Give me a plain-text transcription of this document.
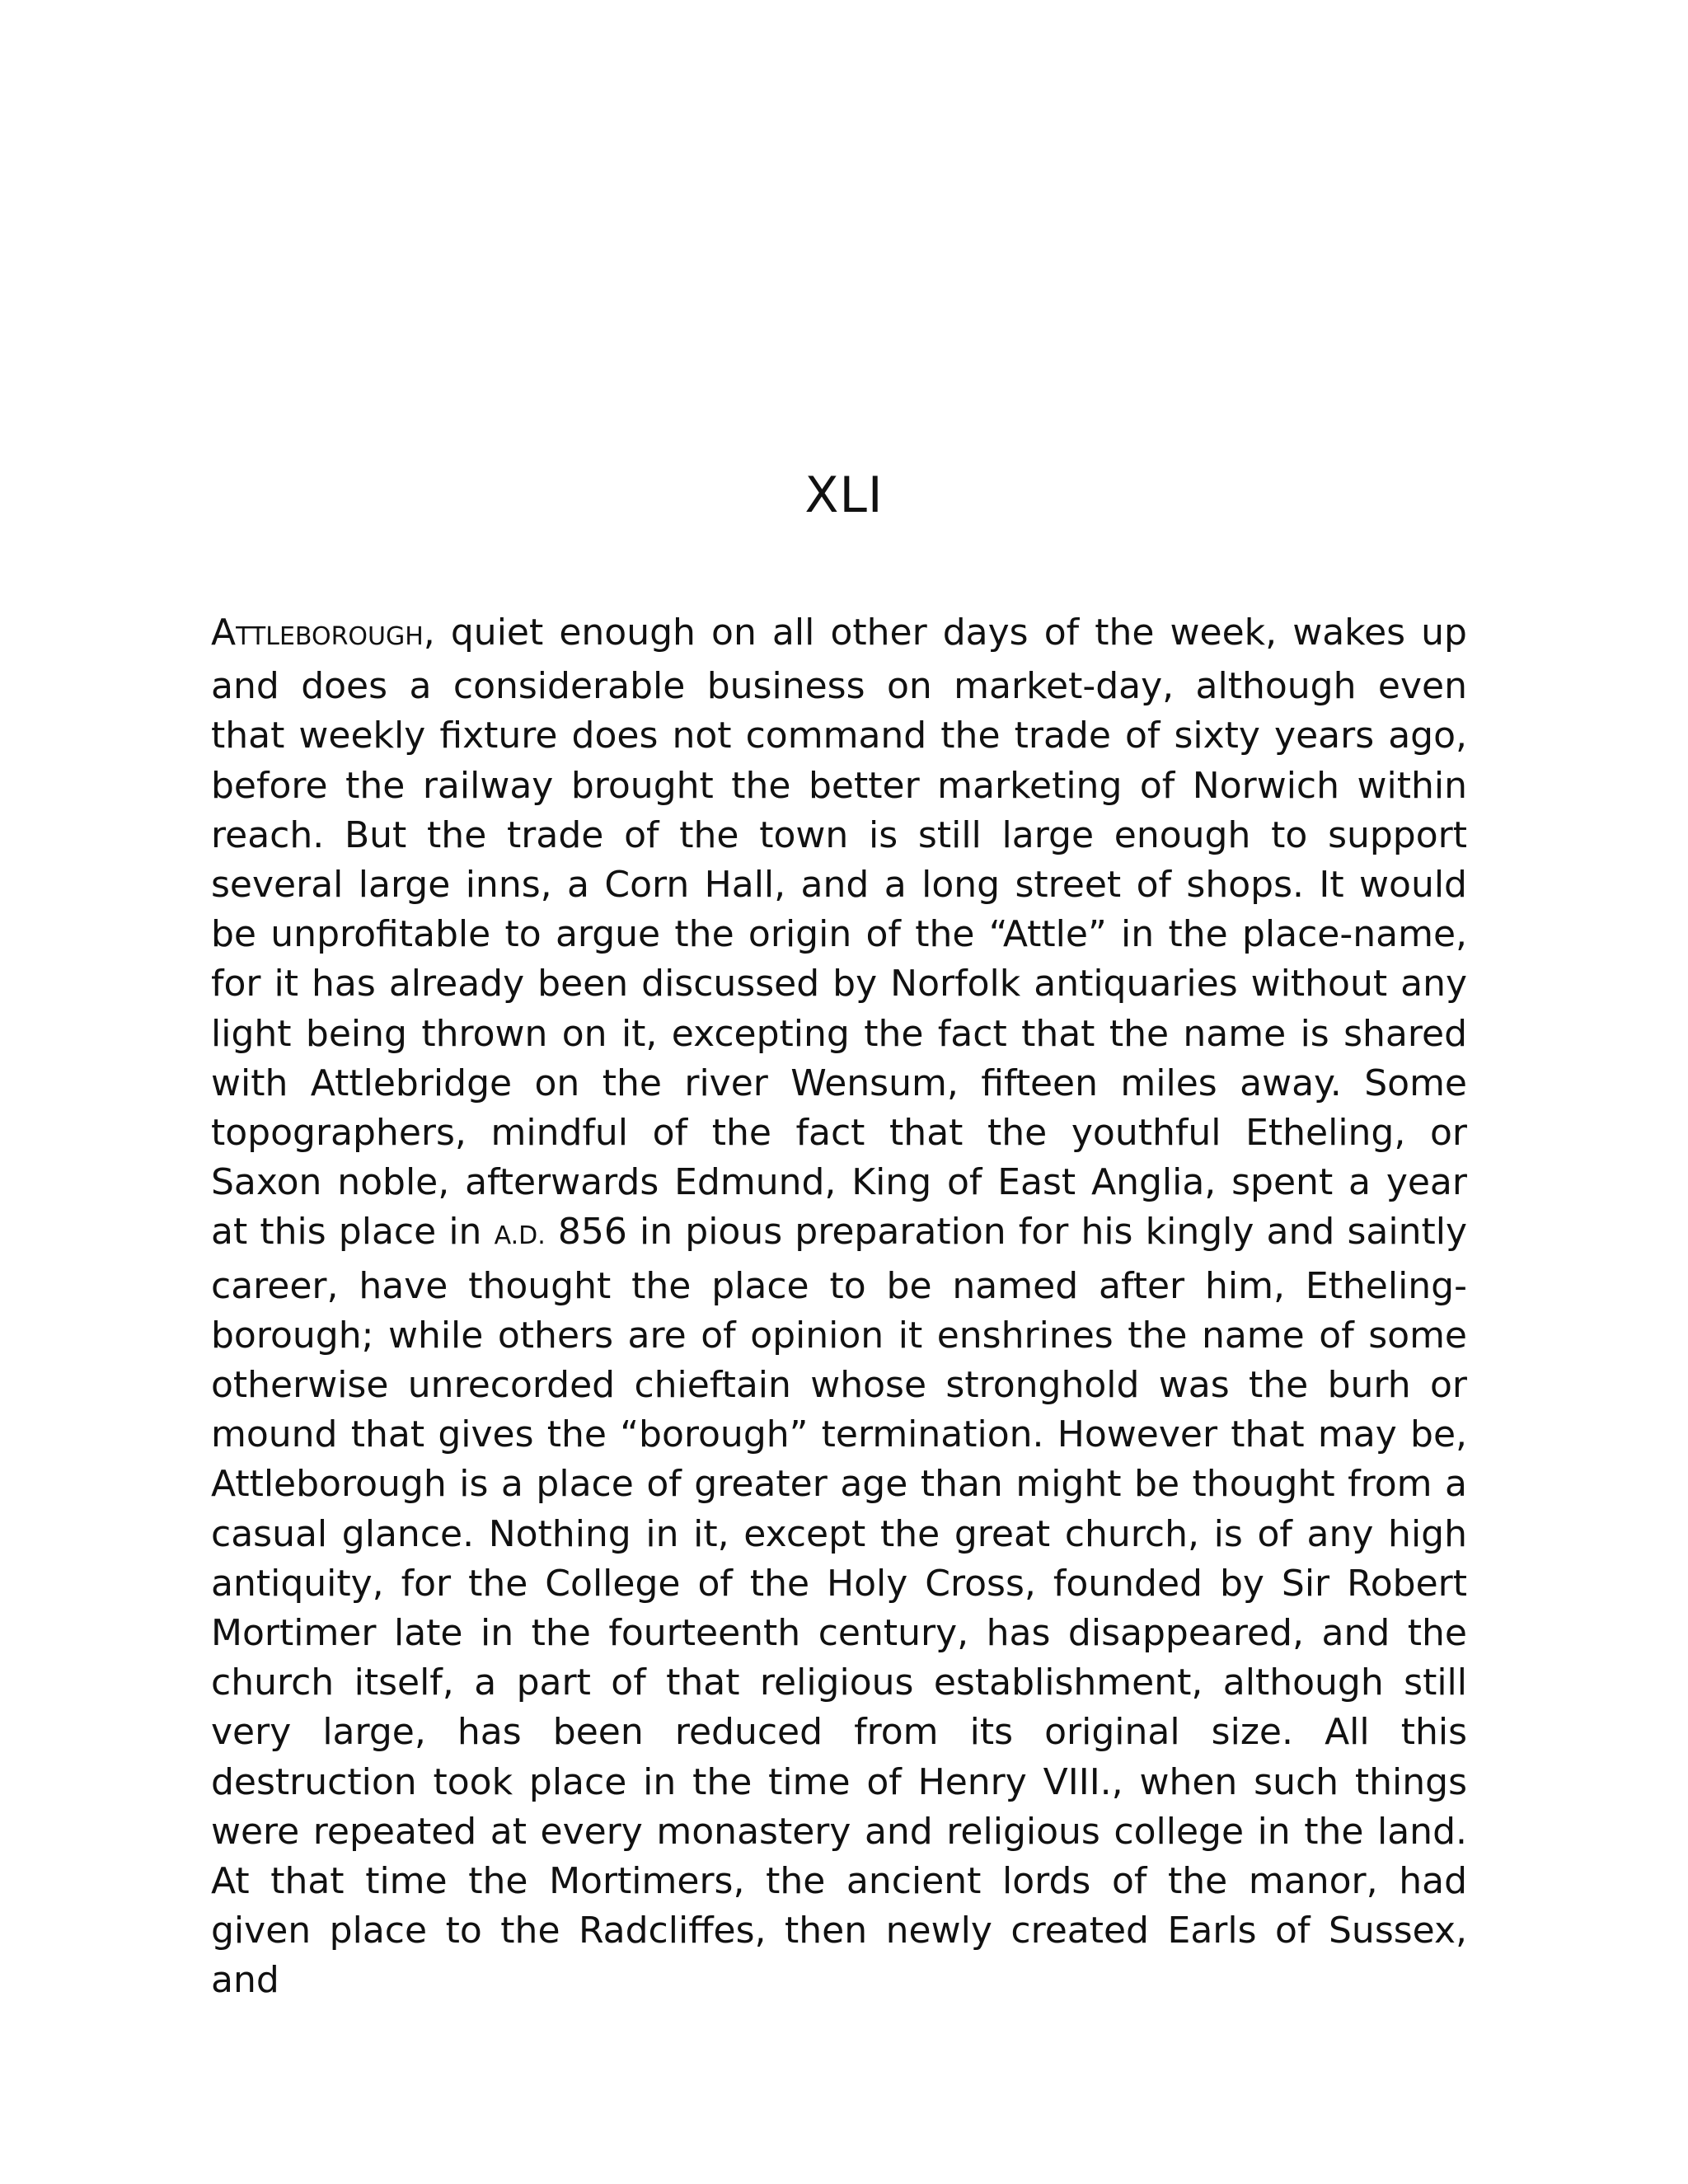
XLI

ATTLEBOROUGH, quiet enough on all other days of the week, wakes up and does a considerable business on market-day, although even that weekly fixture does not command the trade of sixty years ago, before the railway brought the better marketing of Norwich within reach. But the trade of the town is still large enough to support several large inns, a Corn Hall, and a long street of shops. It would be unprofitable to argue the origin of the “Attle” in the place-name, for it has already been discussed by Norfolk antiquaries without any light being thrown on it, excepting the fact that the name is shared with Attlebridge on the river Wensum, fifteen miles away. Some topographers, mindful of the fact that the youthful Etheling, or Saxon noble, afterwards Edmund, King of East Anglia, spent a year at this place in A.D. 856 in pious preparation for his kingly and saintly career, have thought the place to be named after him, Etheling-borough; while others are of opinion it enshrines the name of some otherwise unrecorded chieftain whose stronghold was the burh or mound that gives the “borough” termination. However that may be, Attleborough is a place of greater age than might be thought from a casual glance. Nothing in it, except the great church, is of any high antiquity, for the College of the Holy Cross, founded by Sir Robert Mortimer late in the fourteenth century, has disappeared, and the church itself, a part of that religious establishment, although still very large, has been reduced from its original size. All this destruction took place in the time of Henry VIII., when such things were repeated at every monastery and religious college in the land. At that time the Mortimers, the ancient lords of the manor, had given place to the Radcliffes, then newly created Earls of Sussex, and
